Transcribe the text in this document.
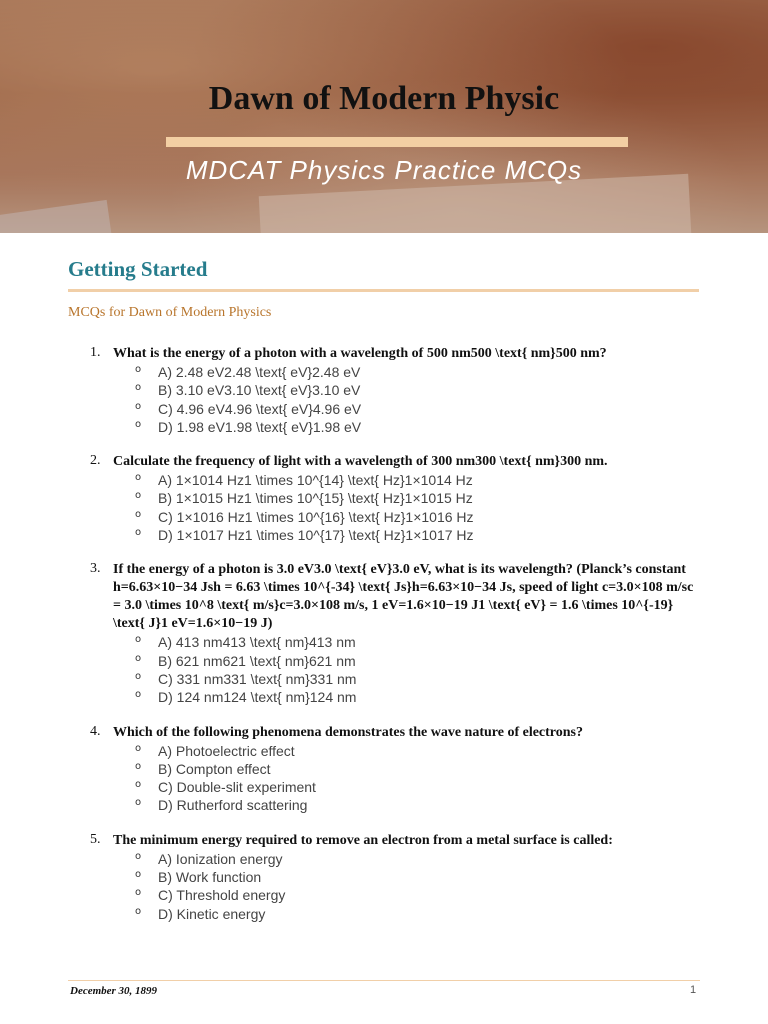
Dawn of Modern Physic

MDCAT Physics Practice MCQs

Getting Started

MCQs for Dawn of Modern Physics

1. What is the energy of a photon with a wavelength of 500 nm500 \text{ nm}500 nm?

o A) 2.48 eV2.48 \text{ eV}2.48 eV
o B) 3.10 eV3.10 \text{ eV}3.10 eV
o C) 4.96 eV4.96 \text{ eV}4.96 eV
o D) 1.98 eV1.98 \text{ eV}1.98 eV
2. Calculate the frequency of light with a wavelength of 300 nm300 \text{ nm}300 nm.

o A) 1×1014 Hz1 \times 10^{14} \text{ Hz}1×1014 Hz
o B) 1×1015 Hz1 \times 10^{15} \text{ Hz}1×1015 Hz
o C) 1×1016 Hz1 \times 10^{16} \text{ Hz}1×1016 Hz
o D) 1×1017 Hz1 \times 10^{17} \text{ Hz}1×1017 Hz
3. If the energy of a photon is 3.0 eV3.0 \text{ eV}3.0 eV, what is its wavelength? (Planck’s constant h=6.63×10−34 Jsh = 6.63 \times 10^{-34} \text{ Js}h=6.63×10−34 Js, speed of light c=3.0×108 m/sc = 3.0 \times 10^8 \text{ m/s}c=3.0×108 m/s, 1 eV=1.6×10−19 J1 \text{ eV} = 1.6 \times 10^{-19} \text{ J}1 eV=1.6×10−19 J)

o A) 413 nm413 \text{ nm}413 nm
o B) 621 nm621 \text{ nm}621 nm
o C) 331 nm331 \text{ nm}331 nm
o D) 124 nm124 \text{ nm}124 nm
4. Which of the following phenomena demonstrates the wave nature of electrons?

o A) Photoelectric effect
o B) Compton effect
o C) Double-slit experiment
o D) Rutherford scattering
5. The minimum energy required to remove an electron from a metal surface is called:

o A) Ionization energy
o B) Work function
o C) Threshold energy
o D) Kinetic energy
December 30, 1899	1
